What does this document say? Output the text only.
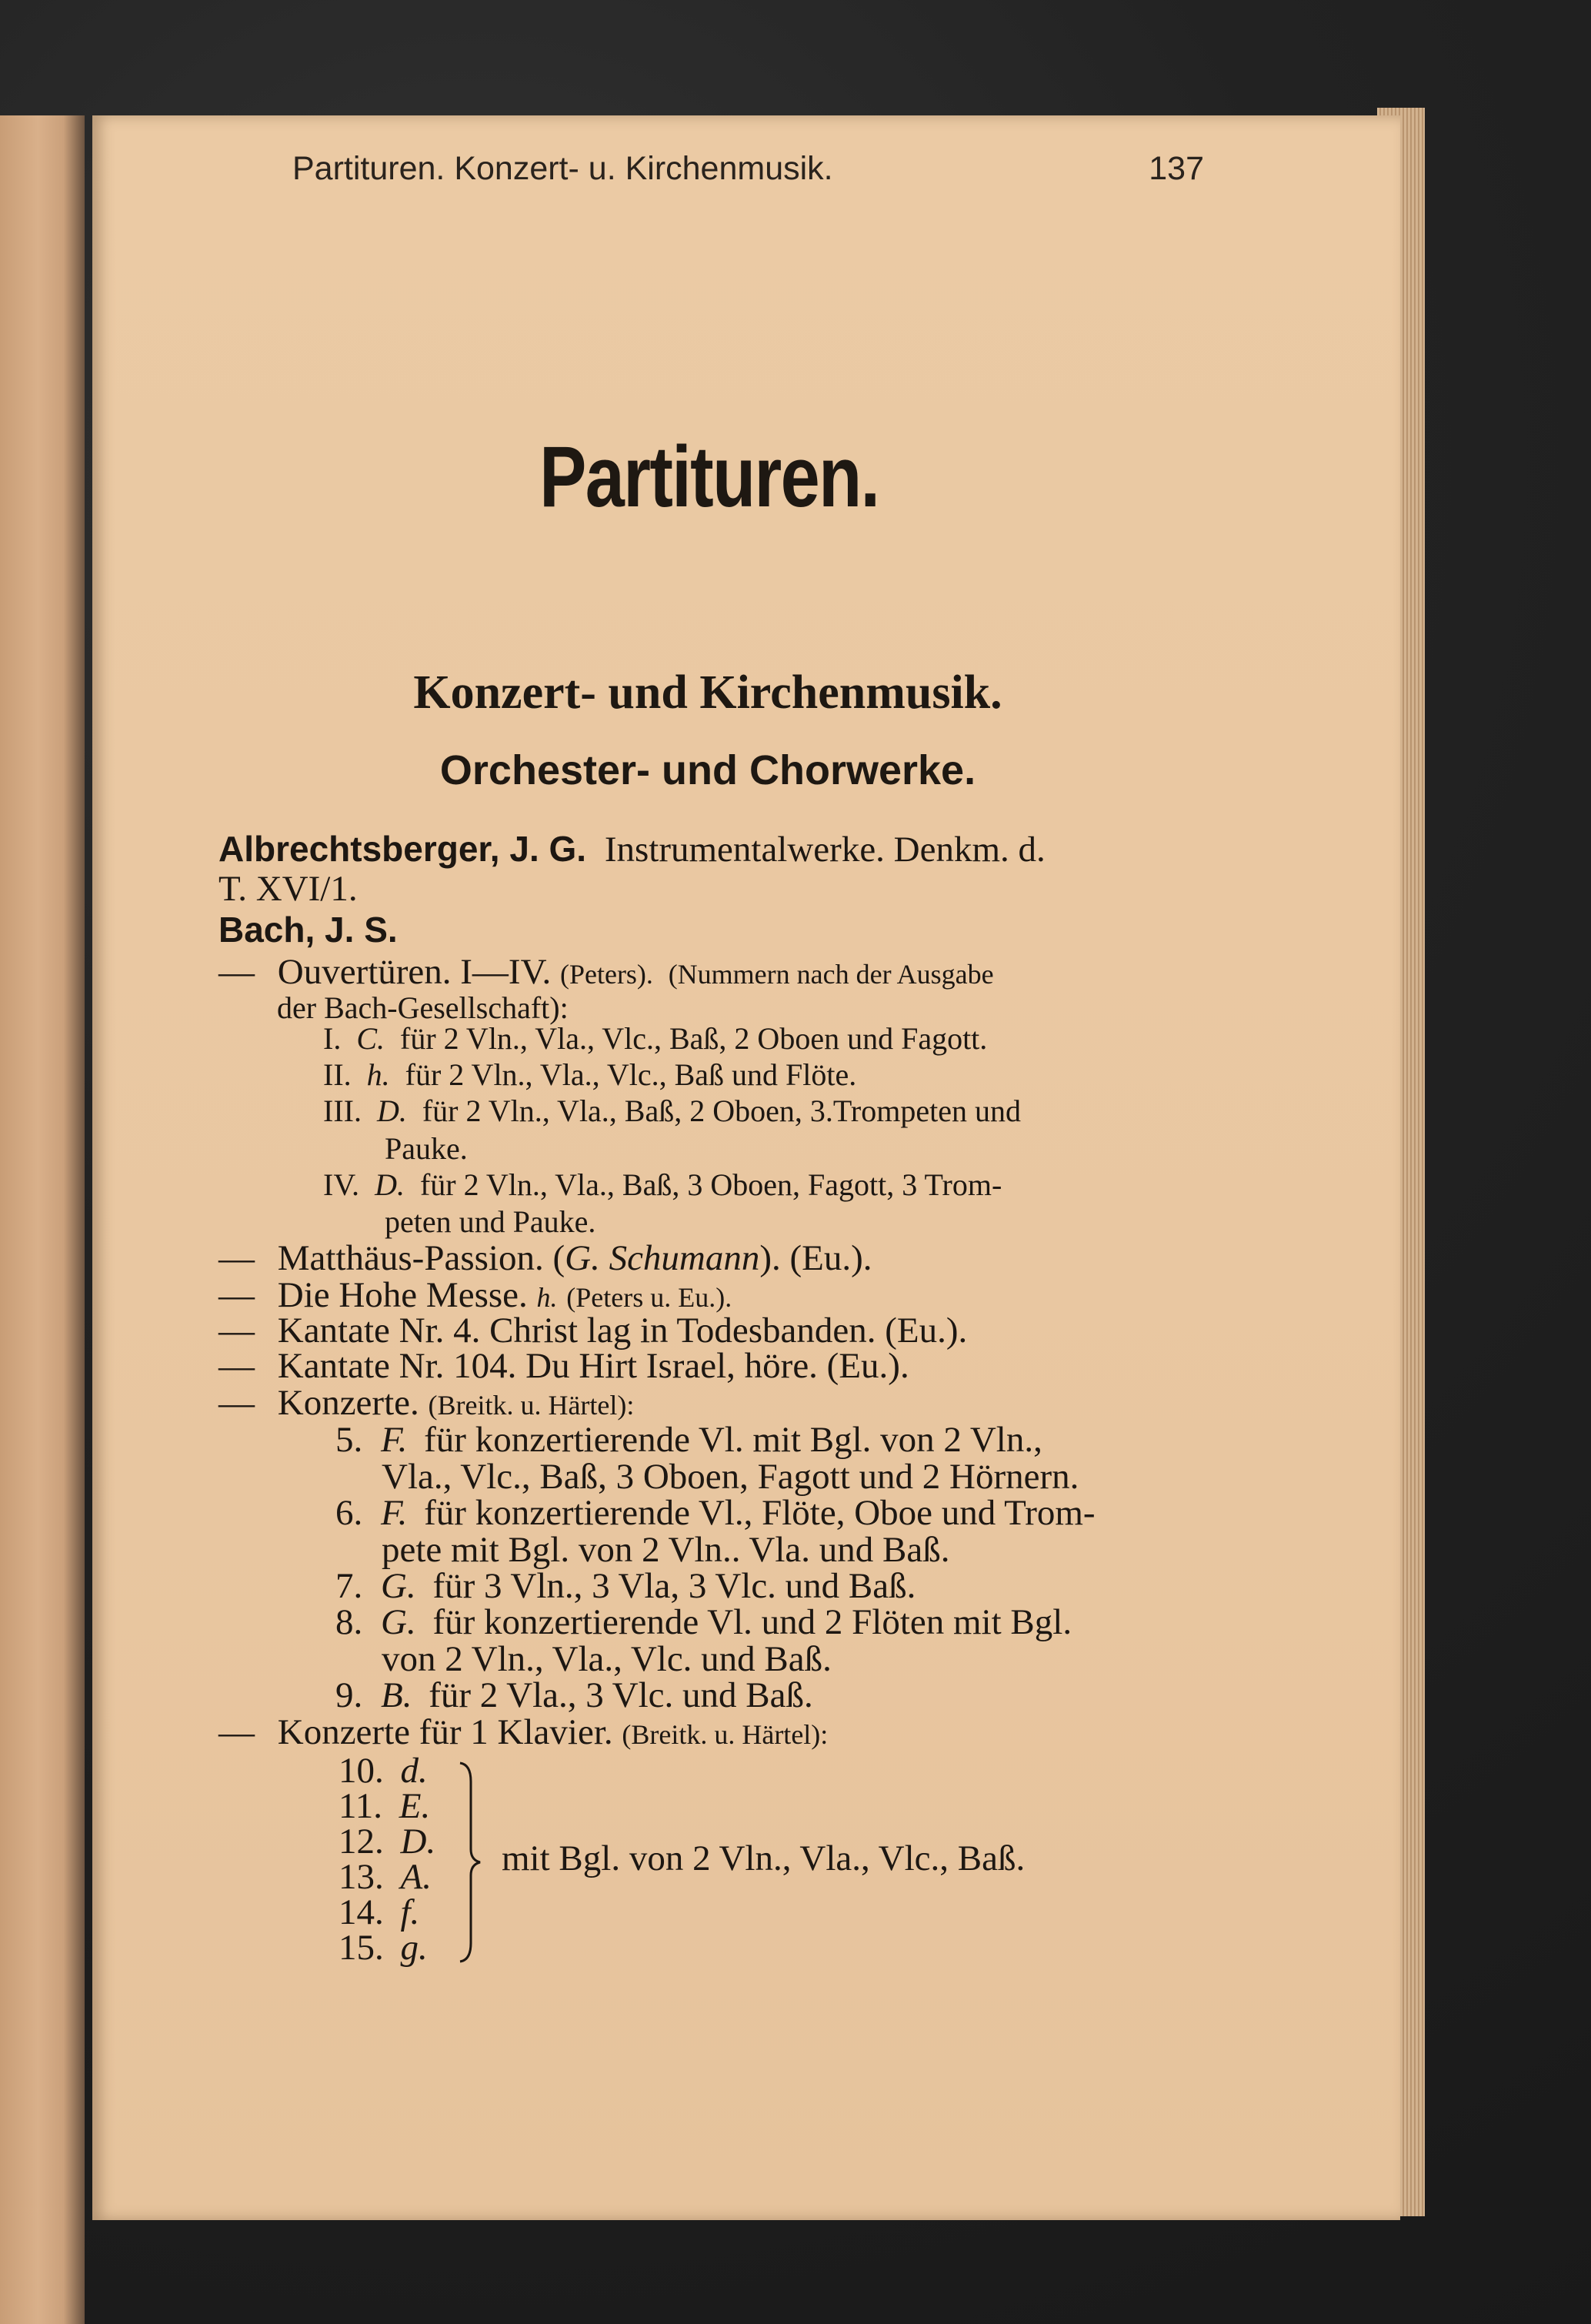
Partituren. Konzert- u. Kirchenmusik.	137
Partituren.
Konzert- und Kirchenmusik.
Orchester- und Chorwerke.
Albrechtsberger, J. G. Instrumentalwerke. Denkm. d.
T. XVI/1.
Bach, J. S.
— Ouvertüren. I—IV. (Peters). (Nummern nach der Ausgabe
der Bach-Gesellschaft):
I. C. für 2 Vln., Vla., Vlc., Baß, 2 Oboen und Fagott.
II. h. für 2 Vln., Vla., Vlc., Baß und Flöte.
III. D. für 2 Vln., Vla., Baß, 2 Oboen, 3.Trompeten und
Pauke.
IV. D. für 2 Vln., Vla., Baß, 3 Oboen, Fagott, 3 Trom-
peten und Pauke.
— Matthäus-Passion. (G. Schumann). (Eu.).
— Die Hohe Messe. h. (Peters u. Eu.).
— Kantate Nr. 4. Christ lag in Todesbanden. (Eu.).
— Kantate Nr. 104. Du Hirt Israel, höre. (Eu.).
— Konzerte. (Breitk. u. Härtel):
5. F. für konzertierende Vl. mit Bgl. von 2 Vln.,
Vla., Vlc., Baß, 3 Oboen, Fagott und 2 Hörnern.
6. F. für konzertierende Vl., Flöte, Oboe und Trom-
pete mit Bgl. von 2 Vln.. Vla. und Baß.
7. G. für 3 Vln., 3 Vla, 3 Vlc. und Baß.
8. G. für konzertierende Vl. und 2 Flöten mit Bgl.
von 2 Vln., Vla., Vlc. und Baß.
9. B. für 2 Vla., 3 Vlc. und Baß.
— Konzerte für 1 Klavier. (Breitk. u. Härtel):
10. d.
11. E.
12. D.
13. A.
14. f.
15. g.
mit Bgl. von 2 Vln., Vla., Vlc., Baß.
